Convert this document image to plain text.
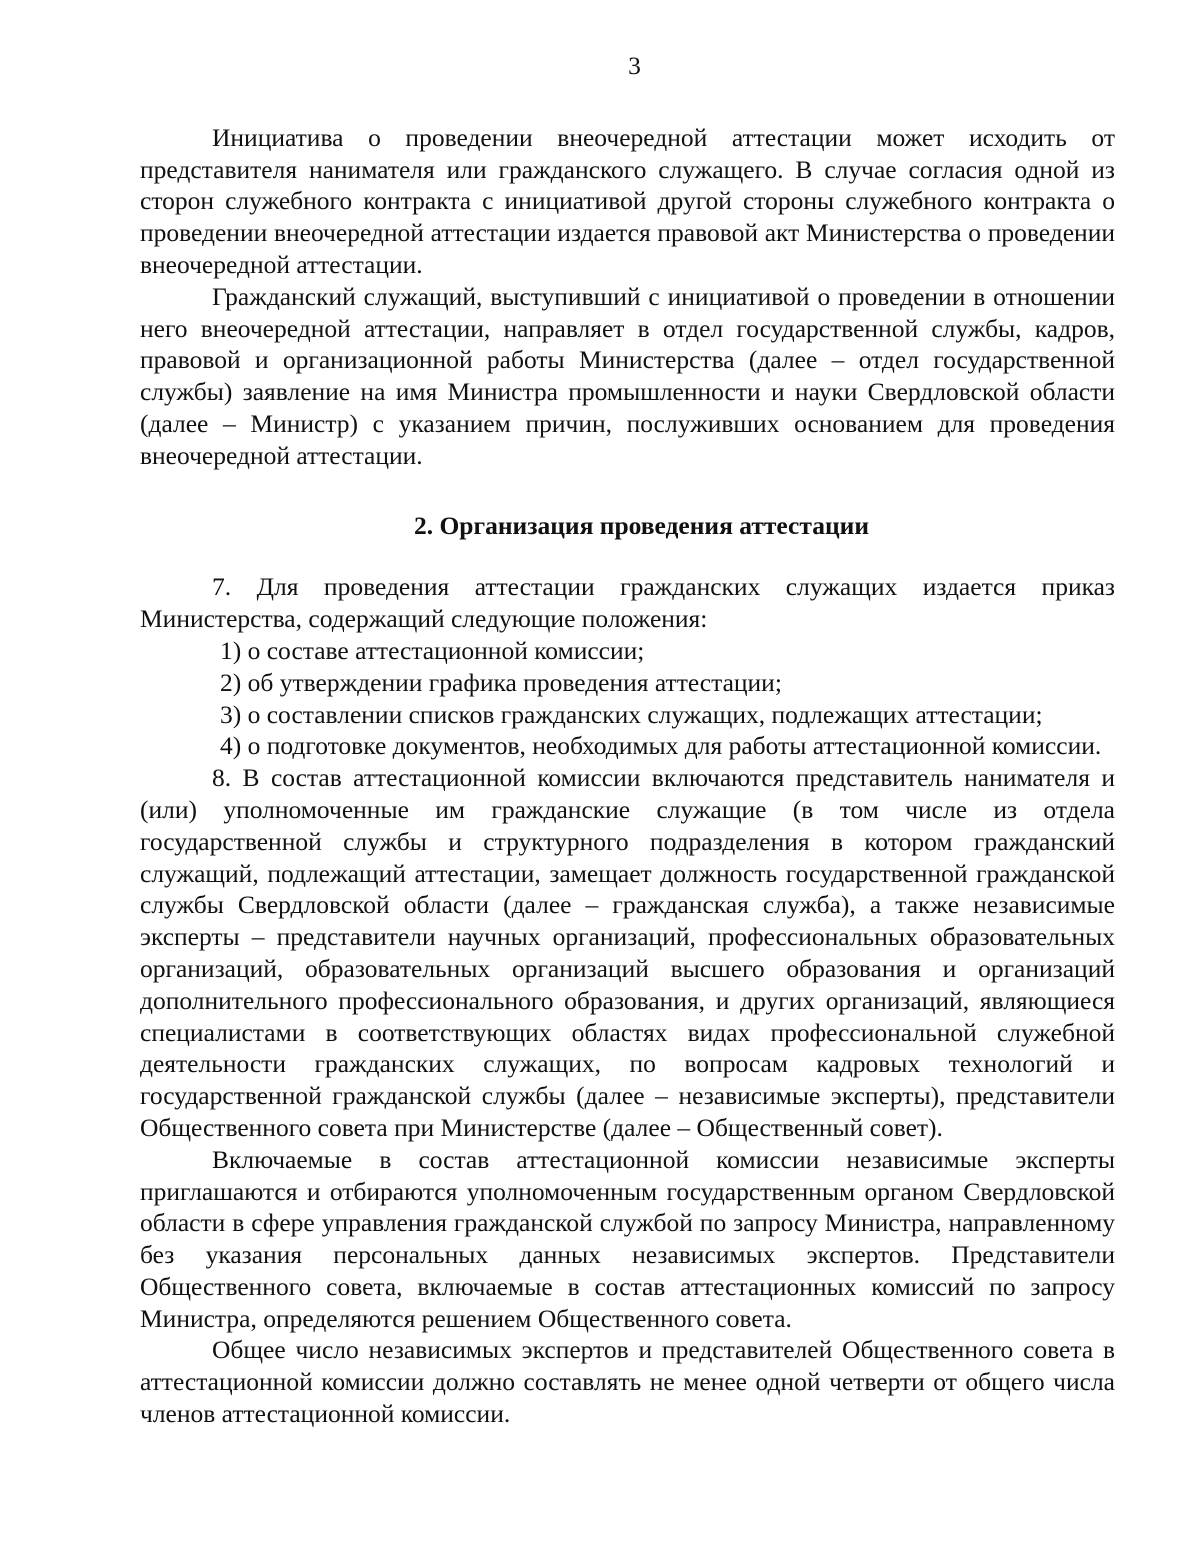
3

Инициатива о проведении внеочередной аттестации может исходить от представителя нанимателя или гражданского служащего. В случае согласия одной из сторон служебного контракта с инициативой другой стороны служебного контракта о проведении внеочередной аттестации издается правовой акт Министерства о проведении внеочередной аттестации.

Гражданский служащий, выступивший с инициативой о проведении в отношении него внеочередной аттестации, направляет в отдел государственной службы, кадров, правовой и организационной работы Министерства (далее – отдел государственной службы) заявление на имя Министра промышленности и науки Свердловской области (далее – Министр) с указанием причин, послуживших основанием для проведения внеочередной аттестации.

2. Организация проведения аттестации

7. Для проведения аттестации гражданских служащих издается приказ Министерства, содержащий следующие положения:

1) о составе аттестационной комиссии;

2) об утверждении графика проведения аттестации;

3) о составлении списков гражданских служащих, подлежащих аттестации;

4) о подготовке документов, необходимых для работы аттестационной комиссии.

8. В состав аттестационной комиссии включаются представитель нанимателя и (или) уполномоченные им гражданские служащие (в том числе из отдела государственной службы и структурного подразделения в котором гражданский служащий, подлежащий аттестации, замещает должность государственной гражданской службы Свердловской области (далее – гражданская служба), а также независимые эксперты – представители научных организаций, профессиональных образовательных организаций, образовательных организаций высшего образования и организаций дополнительного профессионального образования, и других организаций, являющиеся специалистами в соответствующих областях видах профессиональной служебной деятельности гражданских служащих, по вопросам кадровых технологий и государственной гражданской службы (далее – независимые эксперты), представители Общественного совета при Министерстве (далее – Общественный совет).

Включаемые в состав аттестационной комиссии независимые эксперты приглашаются и отбираются уполномоченным государственным органом Свердловской области в сфере управления гражданской службой по запросу Министра, направленному без указания персональных данных независимых экспертов. Представители Общественного совета, включаемые в состав аттестационных комиссий по запросу Министра, определяются решением Общественного совета.

Общее число независимых экспертов и представителей Общественного совета в аттестационной комиссии должно составлять не менее одной четверти от общего числа членов аттестационной комиссии.
